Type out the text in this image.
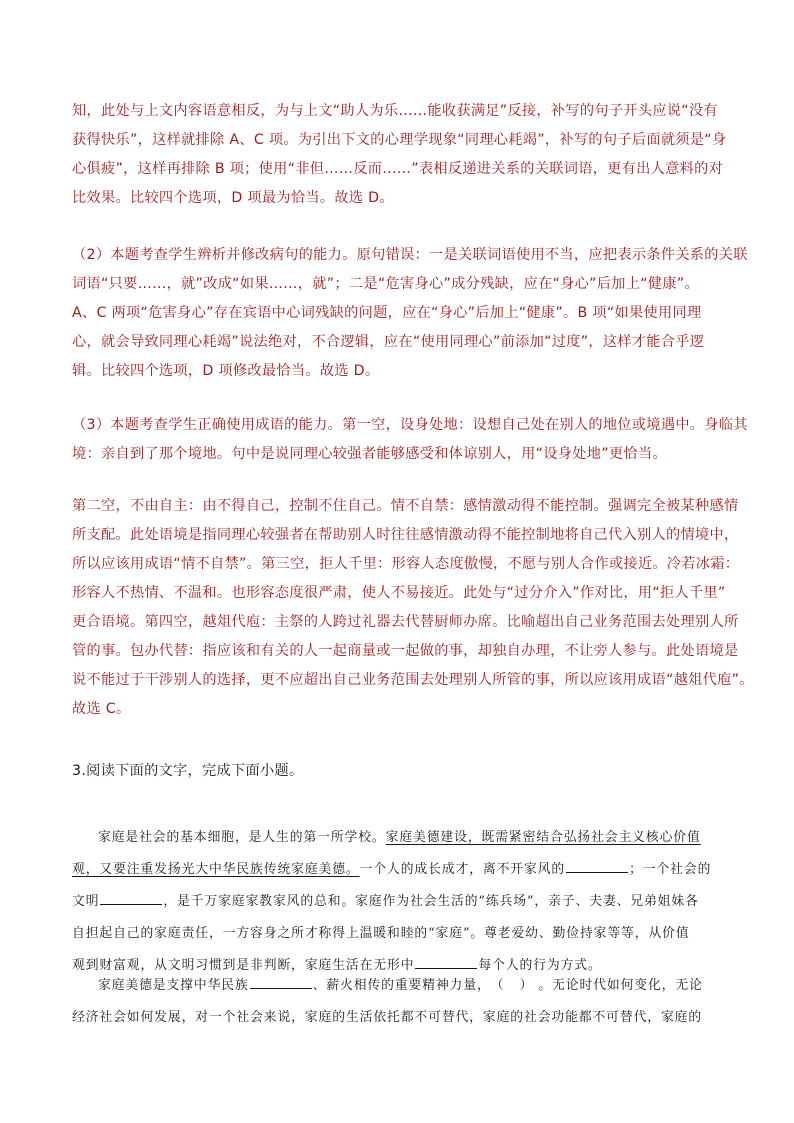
知，此处与上文内容语意相反，为与上文“助人为乐……能收获满足”反接，补写的句子开头应说“没有
获得快乐”，这样就排除 A、C 项。为引出下文的心理学现象“同理心耗竭”，补写的句子后面就须是“身
心俱疲”，这样再排除 B 项；使用“非但……反而……”表相反递进关系的关联词语，更有出人意料的对
比效果。比较四个选项，D 项最为恰当。故选 D。
（2）本题考查学生辨析并修改病句的能力。原句错误：一是关联词语使用不当，应把表示条件关系的关联
词语“只要……，就”改成“如果……，就”；二是“危害身心”成分残缺，应在“身心”后加上“健康”。
A、C 两项“危害身心”存在宾语中心词残缺的问题，应在“身心”后加上“健康”。B 项“如果使用同理
心，就会导致同理心耗竭”说法绝对，不合逻辑，应在“使用同理心”前添加“过度”，这样才能合乎逻
辑。比较四个选项，D 项修改最恰当。故选 D。
（3）本题考查学生正确使用成语的能力。第一空，设身处地：设想自己处在别人的地位或境遇中。身临其
境：亲自到了那个境地。句中是说同理心较强者能够感受和体谅别人，用“设身处地”更恰当。
第二空，不由自主：由不得自己，控制不住自己。情不自禁：感情激动得不能控制。强调完全被某种感情
所支配。此处语境是指同理心较强者在帮助别人时往往感情激动得不能控制地将自己代入别人的情境中，
所以应该用成语“情不自禁”。第三空，拒人千里：形容人态度傲慢，不愿与别人合作或接近。冷若冰霜：
形容人不热情、不温和。也形容态度很严肃，使人不易接近。此处与“过分介入”作对比，用“拒人千里”
更合语境。第四空，越俎代庖：主祭的人跨过礼器去代替厨师办席。比喻超出自己业务范围去处理别人所
管的事。包办代替：指应该和有关的人一起商量或一起做的事，却独自办理，不让旁人参与。此处语境是
说不能过于干涉别人的选择，更不应超出自己业务范围去处理别人所管的事，所以应该用成语“越俎代庖”。
故选 C。
3.阅读下面的文字，完成下面小题。
家庭是社会的基本细胞，是人生的第一所学校。家庭美德建设，既需紧密结合弘扬社会主义核心价值
观，又要注重发扬光大中华民族传统家庭美德。一个人的成长成才，离不开家风的	；一个社会的
文明	，是千万家庭家教家风的总和。家庭作为社会生活的“练兵场”，亲子、夫妻、兄弟姐妹各
自担起自己的家庭责任，一方容身之所才称得上温暖和睦的“家庭”。尊老爱幼、勤俭持家等等，从价值
观到财富观，从文明习惯到是非判断，家庭生活在无形中	每个人的行为方式。
家庭美德是支撑中华民族	、薪火相传的重要精神力量，（ ）。无论时代如何变化，无论
经济社会如何发展，对一个社会来说，家庭的生活依托都不可替代，家庭的社会功能都不可替代，家庭的
